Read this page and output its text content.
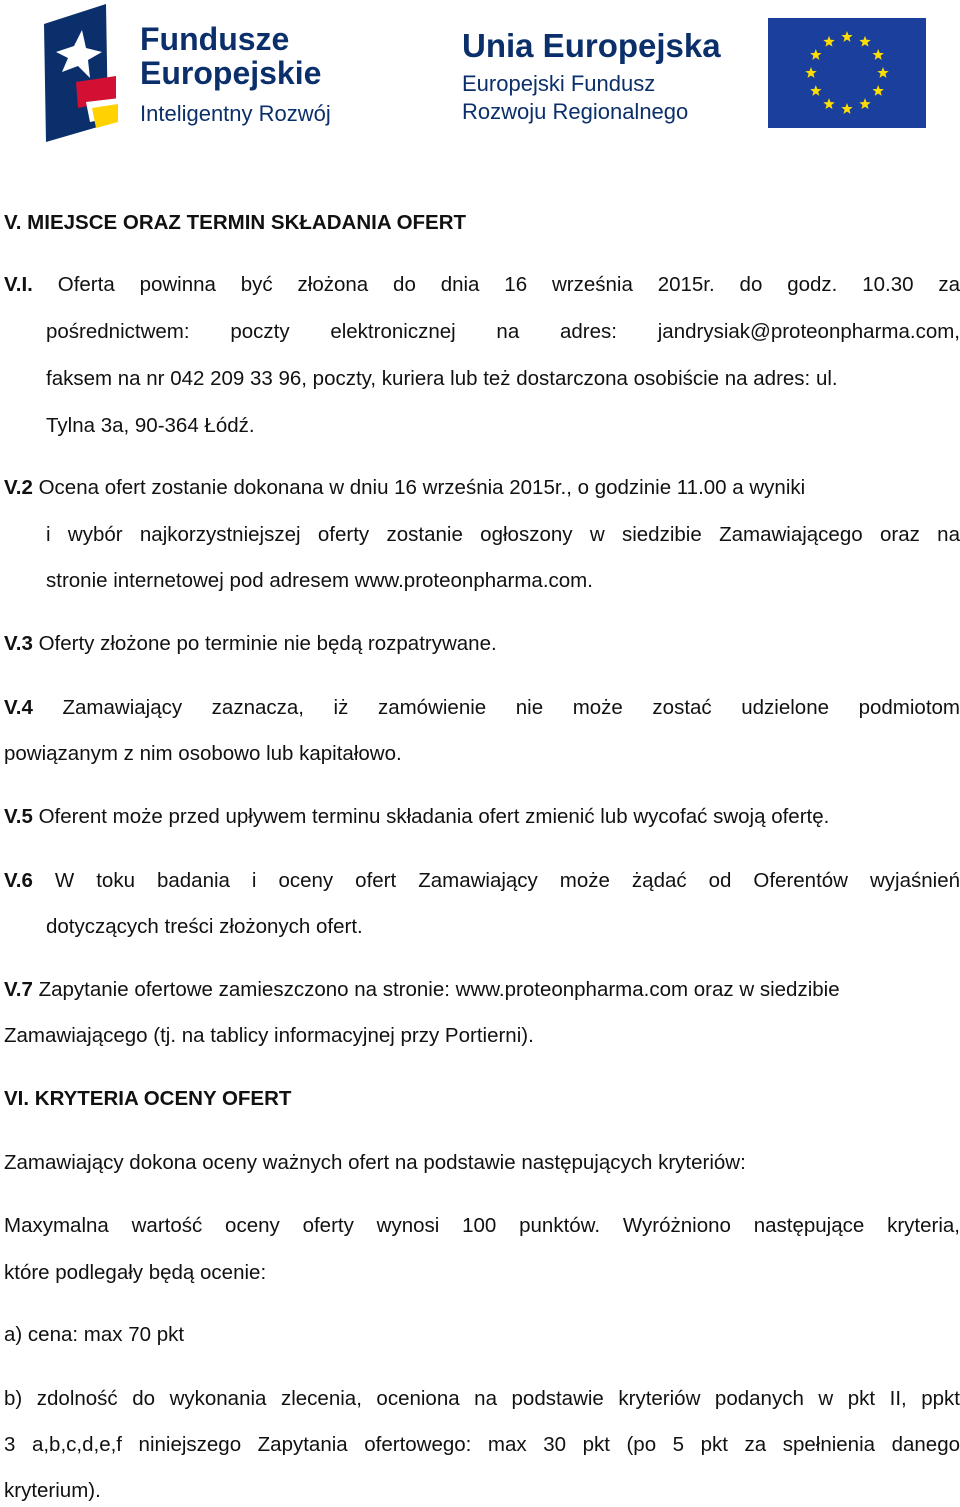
Fundusze
Europejskie
Inteligentny Rozwój
Unia Europejska
Europejski Fundusz
Rozwoju Regionalnego
V. MIEJSCE ORAZ TERMIN SKŁADANIA OFERT
V.I. Oferta powinna być złożona do dnia 16 września 2015r. do godz. 10.30 za
pośrednictwem: poczty elektronicznej na adres: jandrysiak@proteonpharma.com,
faksem na nr 042 209 33 96, poczty, kuriera lub też dostarczona osobiście na adres: ul.
Tylna 3a, 90-364 Łódź.
V.2 Ocena ofert zostanie dokonana w dniu 16 września 2015r., o godzinie 11.00 a wyniki
i wybór najkorzystniejszej oferty zostanie ogłoszony w siedzibie Zamawiającego oraz na
stronie internetowej pod adresem www.proteonpharma.com.
V.3 Oferty złożone po terminie nie będą rozpatrywane.
V.4 Zamawiający zaznacza, iż zamówienie nie może zostać udzielone podmiotom
powiązanym z nim osobowo lub kapitałowo.
V.5 Oferent może przed upływem terminu składania ofert zmienić lub wycofać swoją ofertę.
V.6 W toku badania i oceny ofert Zamawiający może żądać od Oferentów wyjaśnień
dotyczących treści złożonych ofert.
V.7 Zapytanie ofertowe zamieszczono na stronie: www.proteonpharma.com oraz w siedzibie
Zamawiającego (tj. na tablicy informacyjnej przy Portierni).
VI. KRYTERIA OCENY OFERT
Zamawiający dokona oceny ważnych ofert na podstawie następujących kryteriów:
Maxymalna wartość oceny oferty wynosi 100 punktów. Wyróżniono następujące kryteria,
które podlegały będą ocenie:
a) cena: max 70 pkt
b) zdolność do wykonania zlecenia, oceniona na podstawie kryteriów podanych w pkt II, ppkt
3 a,b,c,d,e,f niniejszego Zapytania ofertowego: max 30 pkt (po 5 pkt za spełnienia danego
kryterium).
